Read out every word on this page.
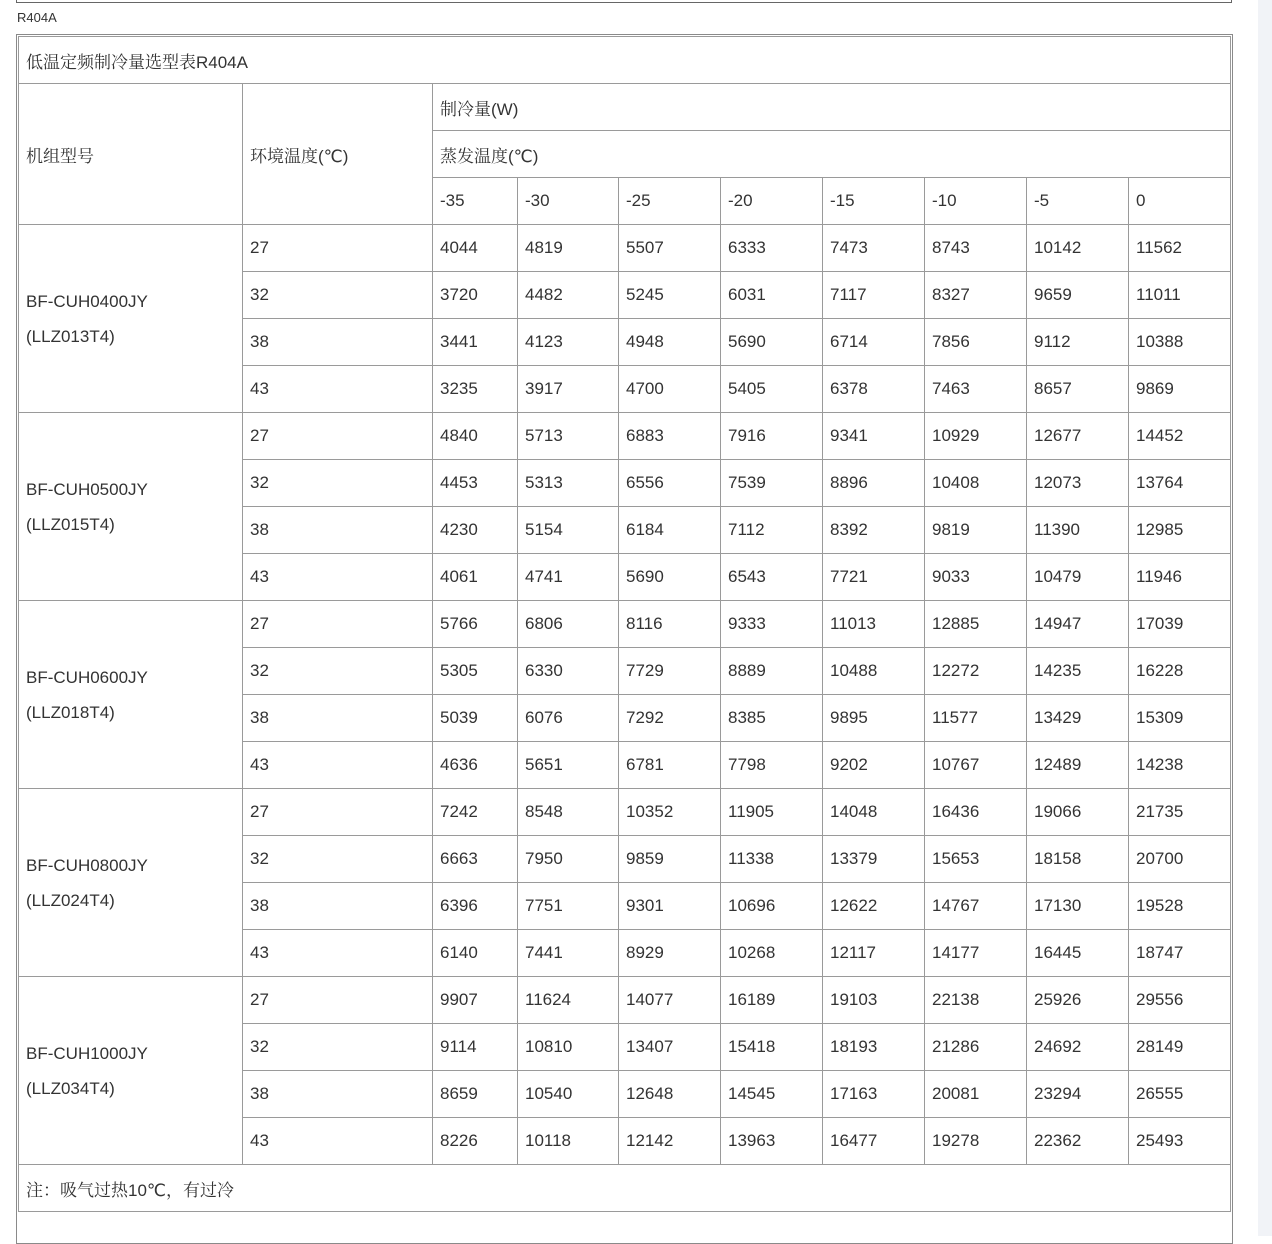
R404A
低温定频制冷量选型表R404A									
机组型号	环境温度(℃)	制冷量(W)							
		蒸发温度(℃)							
		-35	-30	-25	-20	-15	-10	-5	0

BF-CUH0400JY
(LLZ013T4)	27	4044	4819	5507	6333	7473	8743	10142	11562
	32	3720	4482	5245	6031	7117	8327	9659	11011
	38	3441	4123	4948	5690	6714	7856	9112	10388
	43	3235	3917	4700	5405	6378	7463	8657	9869

BF-CUH0500JY
(LLZ015T4)	27	4840	5713	6883	7916	9341	10929	12677	14452
	32	4453	5313	6556	7539	8896	10408	12073	13764
	38	4230	5154	6184	7112	8392	9819	11390	12985
	43	4061	4741	5690	6543	7721	9033	10479	11946

BF-CUH0600JY
(LLZ018T4)	27	5766	6806	8116	9333	11013	12885	14947	17039
	32	5305	6330	7729	8889	10488	12272	14235	16228
	38	5039	6076	7292	8385	9895	11577	13429	15309
	43	4636	5651	6781	7798	9202	10767	12489	14238

BF-CUH0800JY
(LLZ024T4)	27	7242	8548	10352	11905	14048	16436	19066	21735
	32	6663	7950	9859	11338	13379	15653	18158	20700
	38	6396	7751	9301	10696	12622	14767	17130	19528
	43	6140	7441	8929	10268	12117	14177	16445	18747

BF-CUH1000JY
(LLZ034T4)	27	9907	11624	14077	16189	19103	22138	25926	29556
	32	9114	10810	13407	15418	18193	21286	24692	28149
	38	8659	10540	12648	14545	17163	20081	23294	26555
	43	8226	10118	12142	13963	16477	19278	22362	25493
注：吸气过热10℃，有过冷									
